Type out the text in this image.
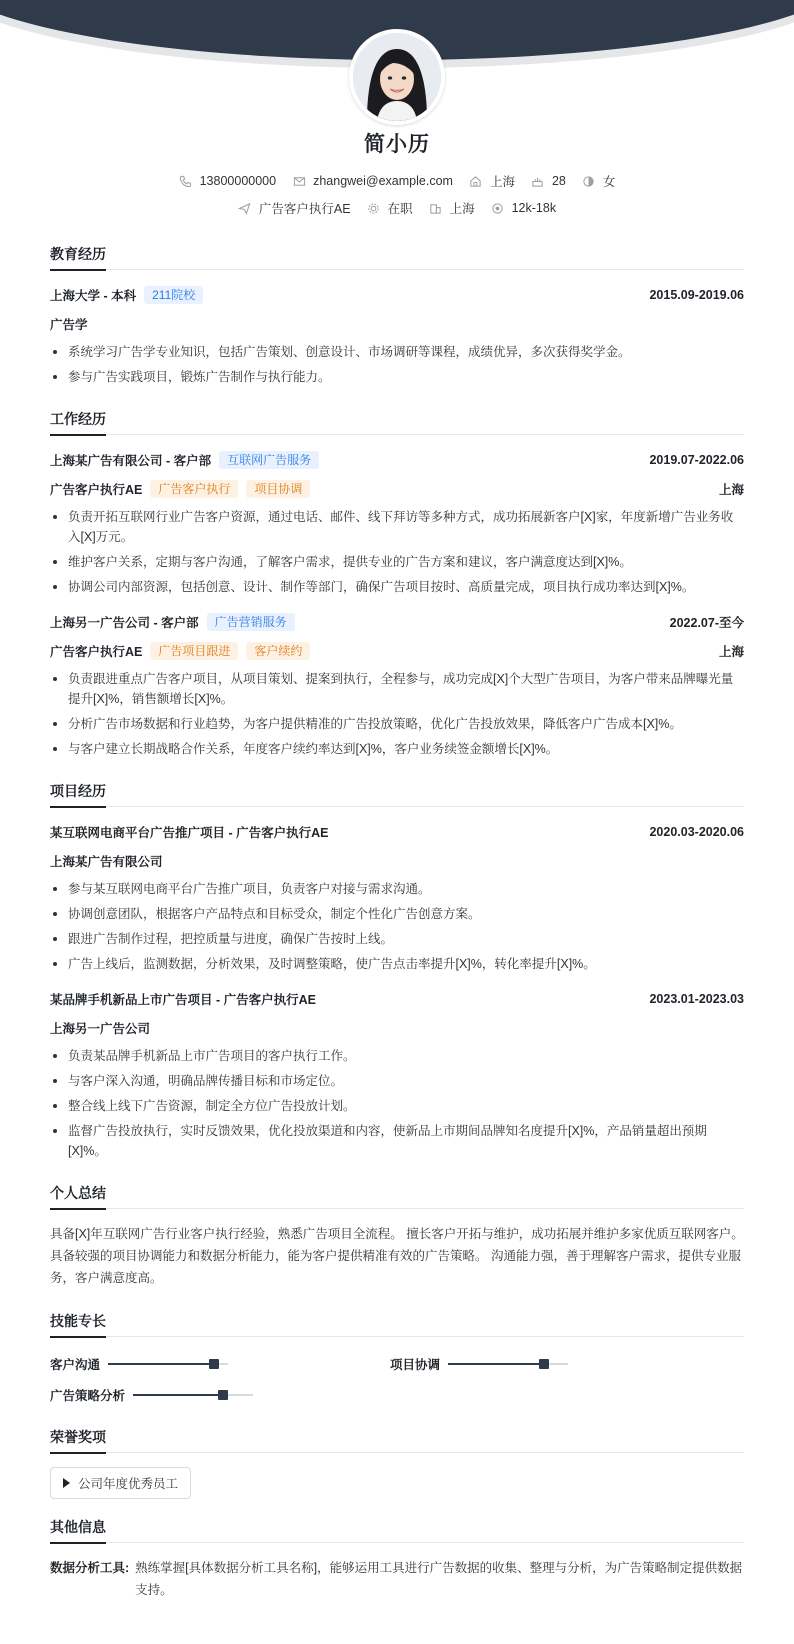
简小历
13800000000	zhangwei@example.com	上海	28	女
广告客户执行AE	在职	上海	12k-18k
教育经历
上海大学 - 本科	211院校	2015.09-2019.06
广告学
系统学习广告学专业知识，包括广告策划、创意设计、市场调研等课程，成绩优异，多次获得奖学金。
参与广告实践项目，锻炼广告制作与执行能力。
工作经历
上海某广告有限公司 - 客户部	互联网广告服务	2019.07-2022.06
广告客户执行AE	广告客户执行	项目协调	上海
负责开拓互联网行业广告客户资源，通过电话、邮件、线下拜访等多种方式，成功拓展新客户[X]家，年度新增广告业务收入[X]万元。
维护客户关系，定期与客户沟通，了解客户需求，提供专业的广告方案和建议，客户满意度达到[X]%。
协调公司内部资源，包括创意、设计、制作等部门，确保广告项目按时、高质量完成，项目执行成功率达到[X]%。
上海另一广告公司 - 客户部	广告营销服务	2022.07-至今
广告客户执行AE	广告项目跟进	客户续约	上海
负责跟进重点广告客户项目，从项目策划、提案到执行，全程参与，成功完成[X]个大型广告项目，为客户带来品牌曝光量提升[X]%，销售额增长[X]%。
分析广告市场数据和行业趋势，为客户提供精准的广告投放策略，优化广告投放效果，降低客户广告成本[X]%。
与客户建立长期战略合作关系，年度客户续约率达到[X]%，客户业务续签金额增长[X]%。
项目经历
某互联网电商平台广告推广项目 - 广告客户执行AE	2020.03-2020.06
上海某广告有限公司
参与某互联网电商平台广告推广项目，负责客户对接与需求沟通。
协调创意团队，根据客户产品特点和目标受众，制定个性化广告创意方案。
跟进广告制作过程，把控质量与进度，确保广告按时上线。
广告上线后，监测数据，分析效果，及时调整策略，使广告点击率提升[X]%，转化率提升[X]%。
某品牌手机新品上市广告项目 - 广告客户执行AE	2023.01-2023.03
上海另一广告公司
负责某品牌手机新品上市广告项目的客户执行工作。
与客户深入沟通，明确品牌传播目标和市场定位。
整合线上线下广告资源，制定全方位广告投放计划。
监督广告投放执行，实时反馈效果，优化投放渠道和内容，使新品上市期间品牌知名度提升[X]%，产品销量超出预期[X]%。
个人总结
具备[X]年互联网广告行业客户执行经验，熟悉广告项目全流程。 擅长客户开拓与维护，成功拓展并维护多家优质互联网客户。 具备较强的项目协调能力和数据分析能力，能为客户提供精准有效的广告策略。 沟通能力强，善于理解客户需求，提供专业服务，客户满意度高。
技能专长
客户沟通	项目协调
广告策略分析
荣誉奖项
公司年度优秀员工
其他信息
数据分析工具: 熟练掌握[具体数据分析工具名称]，能够运用工具进行广告数据的收集、整理与分析，为广告策略制定提供数据支持。
